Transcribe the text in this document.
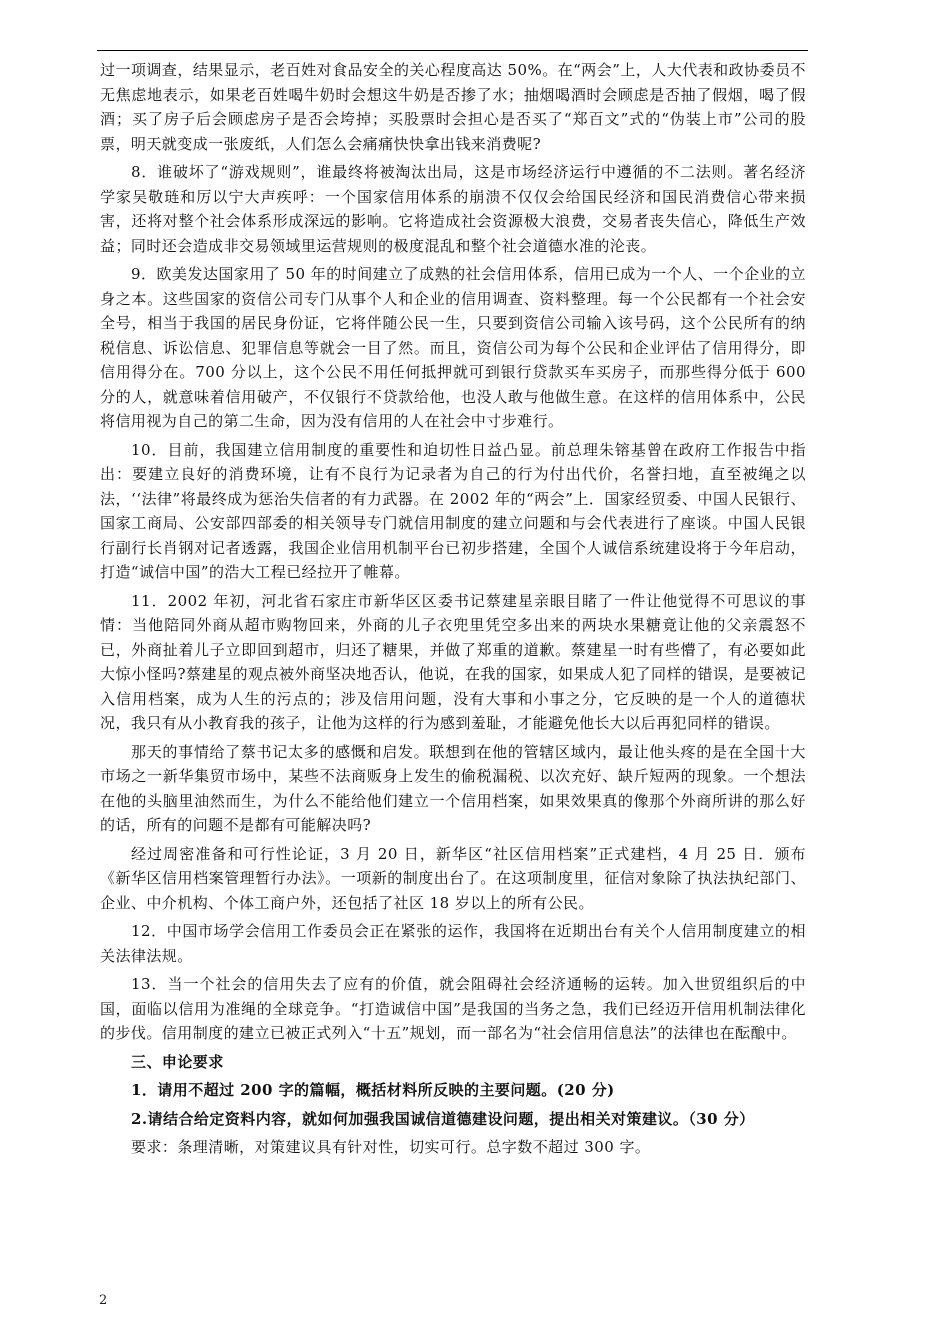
过一项调查，结果显示，老百姓对食品安全的关心程度高达 50%。在“两会”上，人大代表和政协委员不无焦虑地表示，如果老百姓喝牛奶时会想这牛奶是否掺了水；抽烟喝酒时会顾虑是否抽了假烟，喝了假酒；买了房子后会顾虑房子是否会垮掉；买股票时会担心是否买了“郑百文”式的“伪装上市”公司的股票，明天就变成一张废纸，人们怎么会痛痛快快拿出钱来消费呢?

8．谁破坏了“游戏规则”，谁最终将被淘汰出局，这是市场经济运行中遵循的不二法则。著名经济学家吴敬琏和厉以宁大声疾呼：一个国家信用体系的崩溃不仅仅会给国民经济和国民消费信心带来损害，还将对整个社会体系形成深远的影响。它将造成社会资源极大浪费，交易者丧失信心，降低生产效益；同时还会造成非交易领域里运营规则的极度混乱和整个社会道德水准的沦丧。

9．欧美发达国家用了 50 年的时间建立了成熟的社会信用体系，信用已成为一个人、一个企业的立身之本。这些国家的资信公司专门从事个人和企业的信用调查、资料整理。每一个公民都有一个社会安全号，相当于我国的居民身份证，它将伴随公民一生，只要到资信公司输入该号码，这个公民所有的纳税信息、诉讼信息、犯罪信息等就会一目了然。而且，资信公司为每个公民和企业评估了信用得分，即信用得分在。700 分以上，这个公民不用任何抵押就可到银行贷款买车买房子，而那些得分低于 600 分的人，就意味着信用破产，不仅银行不贷款给他，也没人敢与他做生意。在这样的信用体系中，公民将信用视为自己的第二生命，因为没有信用的人在社会中寸步难行。

10．目前，我国建立信用制度的重要性和迫切性日益凸显。前总理朱镕基曾在政府工作报告中指出：要建立良好的消费环境，让有不良行为记录者为自己的行为付出代价，名誉扫地，直至被绳之以法，‘‘法律”将最终成为惩治失信者的有力武器。在 2002 年的“两会”上．国家经贸委、中国人民银行、国家工商局、公安部四部委的相关领导专门就信用制度的建立问题和与会代表进行了座谈。中国人民银行副行长肖钢对记者透露，我国企业信用机制平台已初步搭建，全国个人诚信系统建设将于今年启动，打造“诚信中国”的浩大工程已经拉开了帷幕。

11．2002 年初，河北省石家庄市新华区区委书记蔡建星亲眼目睹了一件让他觉得不可思议的事情：当他陪同外商从超市购物回来，外商的儿子衣兜里凭空多出来的两块水果糖竟让他的父亲震怒不已，外商扯着儿子立即回到超市，归还了糖果，并做了郑重的道歉。蔡建星一时有些懵了，有必要如此大惊小怪吗?蔡建星的观点被外商坚决地否认，他说，在我的国家，如果成人犯了同样的错误，是要被记入信用档案，成为人生的污点的；涉及信用问题，没有大事和小事之分，它反映的是一个人的道德状况，我只有从小教育我的孩子，让他为这样的行为感到羞耻，才能避免他长大以后再犯同样的错误。

那天的事情给了蔡书记太多的感慨和启发。联想到在他的管辖区域内，最让他头疼的是在全国十大市场之一新华集贸市场中，某些不法商贩身上发生的偷税漏税、以次充好、缺斤短两的现象。一个想法在他的头脑里油然而生，为什么不能给他们建立一个信用档案，如果效果真的像那个外商所讲的那么好的话，所有的问题不是都有可能解决吗?

经过周密准备和可行性论证，3 月 20 日，新华区“社区信用档案”正式建档，4 月 25 日．颁布《新华区信用档案管理暂行办法》。一项新的制度出台了。在这项制度里，征信对象除了执法执纪部门、企业、中介机构、个体工商户外，还包括了社区 18 岁以上的所有公民。

12．中国市场学会信用工作委员会正在紧张的运作，我国将在近期出台有关个人信用制度建立的相关法律法规。

13．当一个社会的信用失去了应有的价值，就会阻碍社会经济通畅的运转。加入世贸组织后的中国，面临以信用为准绳的全球竞争。“打造诚信中国”是我国的当务之急，我们已经迈开信用机制法律化的步伐。信用制度的建立已被正式列入“十五”规划，而一部名为“社会信用信息法”的法律也在酝酿中。

三、申论要求

1．请用不超过 200 字的篇幅，概括材料所反映的主要问题。(20 分)

2.请结合给定资料内容，就如何加强我国诚信道德建设问题，提出相关对策建议。（30 分）

要求：条理清晰，对策建议具有针对性，切实可行。总字数不超过 300 字。

2
